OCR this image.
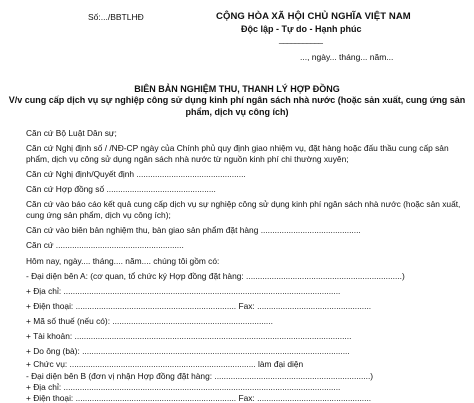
Số:.../BBTLHĐ	CỘNG HÒA XÃ HỘI CHỦ NGHĨA VIỆT NAM
Độc lập - Tự do - Hạnh phúc
___________
..., ngày... tháng... năm...
BIÊN BẢN NGHIỆM THU, THANH LÝ HỢP ĐỒNG
V/v cung cấp dịch vụ sự nghiệp công sử dụng kinh phí ngân sách nhà nước (hoặc sản xuất, cung ứng sản
phẩm, dịch vụ công ích)
Căn cứ Bộ Luật Dân sự;
Căn cứ Nghị định số / /NĐ-CP ngày của Chính phủ quy định giao nhiệm vụ, đặt hàng hoặc đấu thầu cung cấp sản
phẩm, dịch vụ công sử dụng ngân sách nhà nước từ nguồn kinh phí chi thường xuyên;
Căn cứ Nghị định/Quyết định ...............................................
Căn cứ Hợp đồng số ...............................................
Căn cứ vào báo cáo kết quả cung cấp dịch vụ sự nghiệp công sử dụng kinh phí ngân sách nhà nước (hoặc sản xuất,
cung ứng sản phẩm, dịch vụ công ích);
Căn cứ vào biên bản nghiệm thu, bàn giao sản phẩm đặt hàng ...........................................
Căn cứ .......................................................
Hôm nay, ngày.... tháng.... năm.... chúng tôi gồm có:
- Đại diện bên A: (cơ quan, tổ chức ký Hợp đồng đặt hàng: ...................................................................)
+ Địa chỉ: .......................................................................................................................
+ Điện thoại: ..................................................................... Fax: .................................................
+ Mã số thuế (nếu có): .....................................................................
+ Tài khoản: .......................................................................................................................
+ Do ông (bà): ...................................................................................................................
+ Chức vụ: ................................................................................ làm đại diện
- Đại diện bên B (đơn vị nhận Hợp đồng đặt hàng: ...................................................................)
+ Địa chỉ: .......................................................................................................................
+ Điện thoại: ..................................................................... Fax: .................................................
